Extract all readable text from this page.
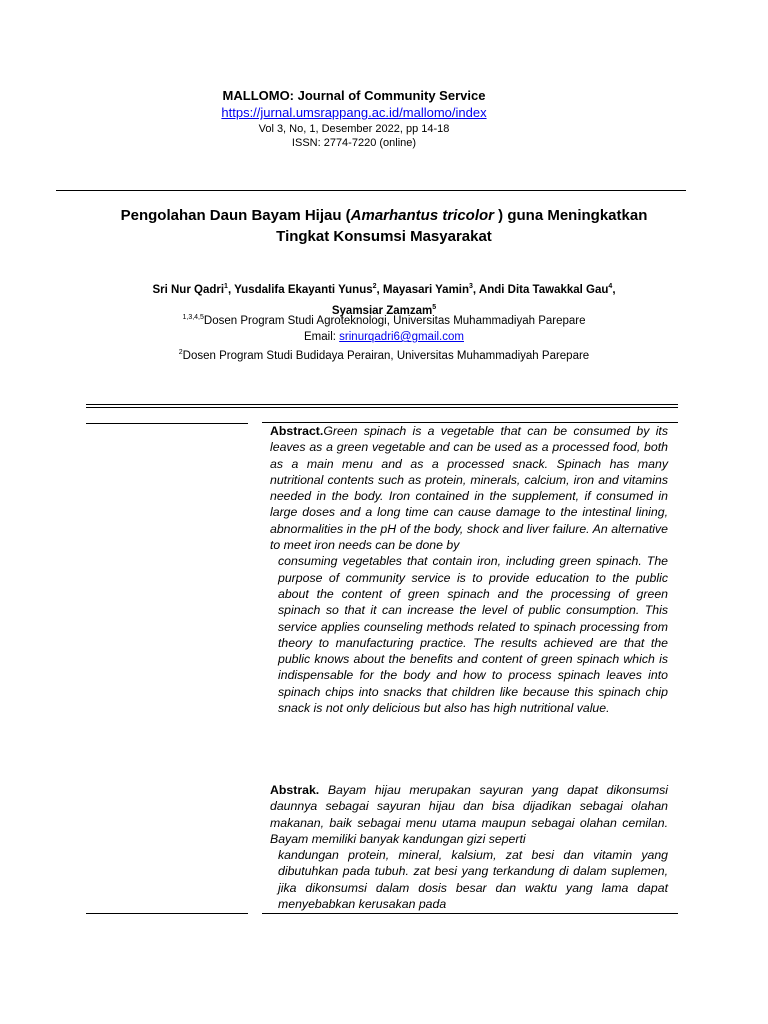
MALLOMO: Journal of Community Service
https://jurnal.umsrappang.ac.id/mallomo/index
Vol 3, No, 1, Desember 2022, pp 14-18
ISSN: 2774-7220 (online)
Pengolahan Daun Bayam Hijau (Amarhantus tricolor ) guna Meningkatkan
Tingkat Konsumsi Masyarakat
Sri Nur Qadri$^1$, Yusdalifa Ekayanti Yunus$^2$, Mayasari Yamin$^3$, Andi Dita Tawakkal Gau$^4$,
Syamsiar Zamzam$^5$
$^{1,3,4,5}$Dosen Program Studi Agroteknologi, Universitas Muhammadiyah Parepare
Email: srinurqadri6@gmail.com
$^2$Dosen Program Studi Budidaya Perairan, Universitas Muhammadiyah Parepare
Abstract.Green spinach is a vegetable that can be consumed by its leaves as a green vegetable and can be used as a processed food, both as a main menu and as a processed snack. Spinach has many nutritional contents such as protein, minerals, calcium, iron and vitamins needed in the body. Iron contained in the supplement, if consumed in large doses and a long time can cause damage to the intestinal lining, abnormalities in the pH of the body, shock and liver failure. An alternative to meet iron needs can be done by
consuming vegetables that contain iron, including green spinach. The purpose of community service is to provide education to the public about the content of green spinach and the processing of green spinach so that it can increase the level of public consumption. This service applies counseling methods related to spinach processing from theory to manufacturing practice. The results achieved are that the public knows about the benefits and content of green spinach which is indispensable for the body and how to process spinach leaves into spinach chips into snacks that children like because this spinach chip snack is not only delicious but also has high nutritional value.
Abstrak. Bayam hijau merupakan sayuran yang dapat dikonsumsi daunnya sebagai sayuran hijau dan bisa dijadikan sebagai olahan makanan, baik sebagai menu utama maupun sebagai olahan cemilan. Bayam memiliki banyak kandungan gizi seperti
kandungan protein, mineral, kalsium, zat besi dan vitamin yang dibutuhkan pada tubuh. zat besi yang terkandung di dalam suplemen, jika dikonsumsi dalam dosis besar dan waktu yang lama dapat menyebabkan kerusakan pada
